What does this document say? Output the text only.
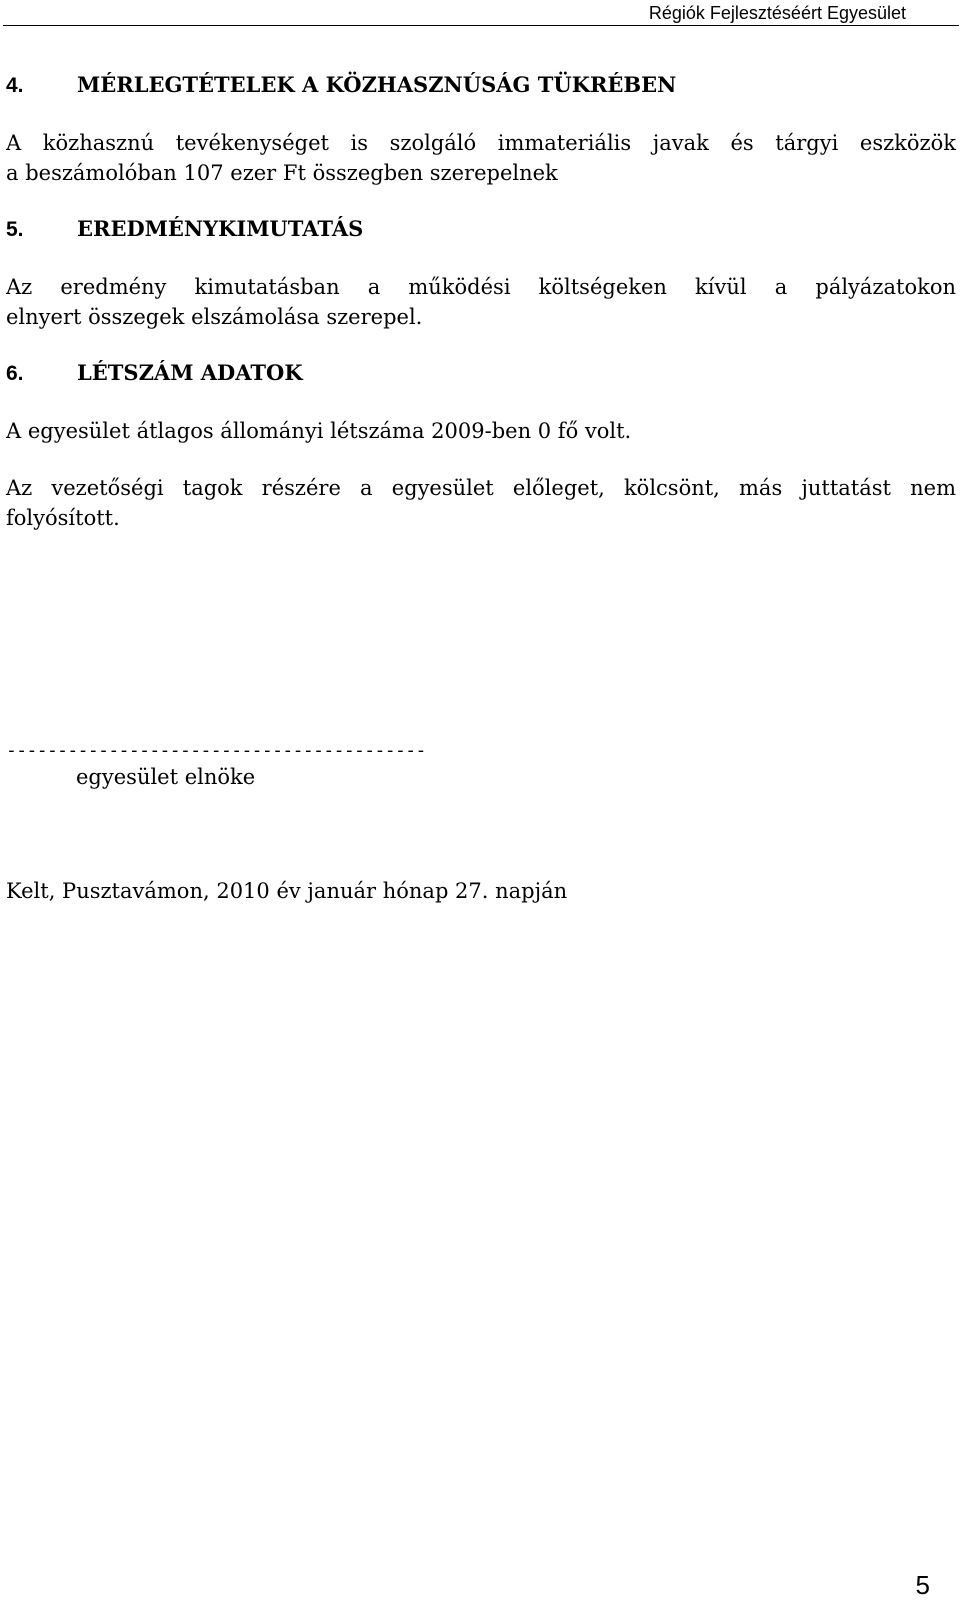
Régiók Fejlesztéséért Egyesület
4.	MÉRLEGTÉTELEK A KÖZHASZNÚSÁG TÜKRÉBEN
A közhasznú tevékenységet is szolgáló immateriális javak és tárgyi eszközök
a beszámolóban 107 ezer Ft összegben szerepelnek
5.	EREDMÉNYKIMUTATÁS
Az eredmény kimutatásban a működési költségeken kívül a pályázatokon
elnyert összegek elszámolása szerepel.
6.	LÉTSZÁM ADATOK
A egyesület átlagos állományi létszáma 2009-ben 0 fő volt.
Az vezetőségi tagok részére a egyesület előleget, kölcsönt, más juttatást nem
folyósított.
-----------------------------------------
egyesület elnöke
Kelt, Pusztavámon, 2010 év január hónap 27. napján
5
